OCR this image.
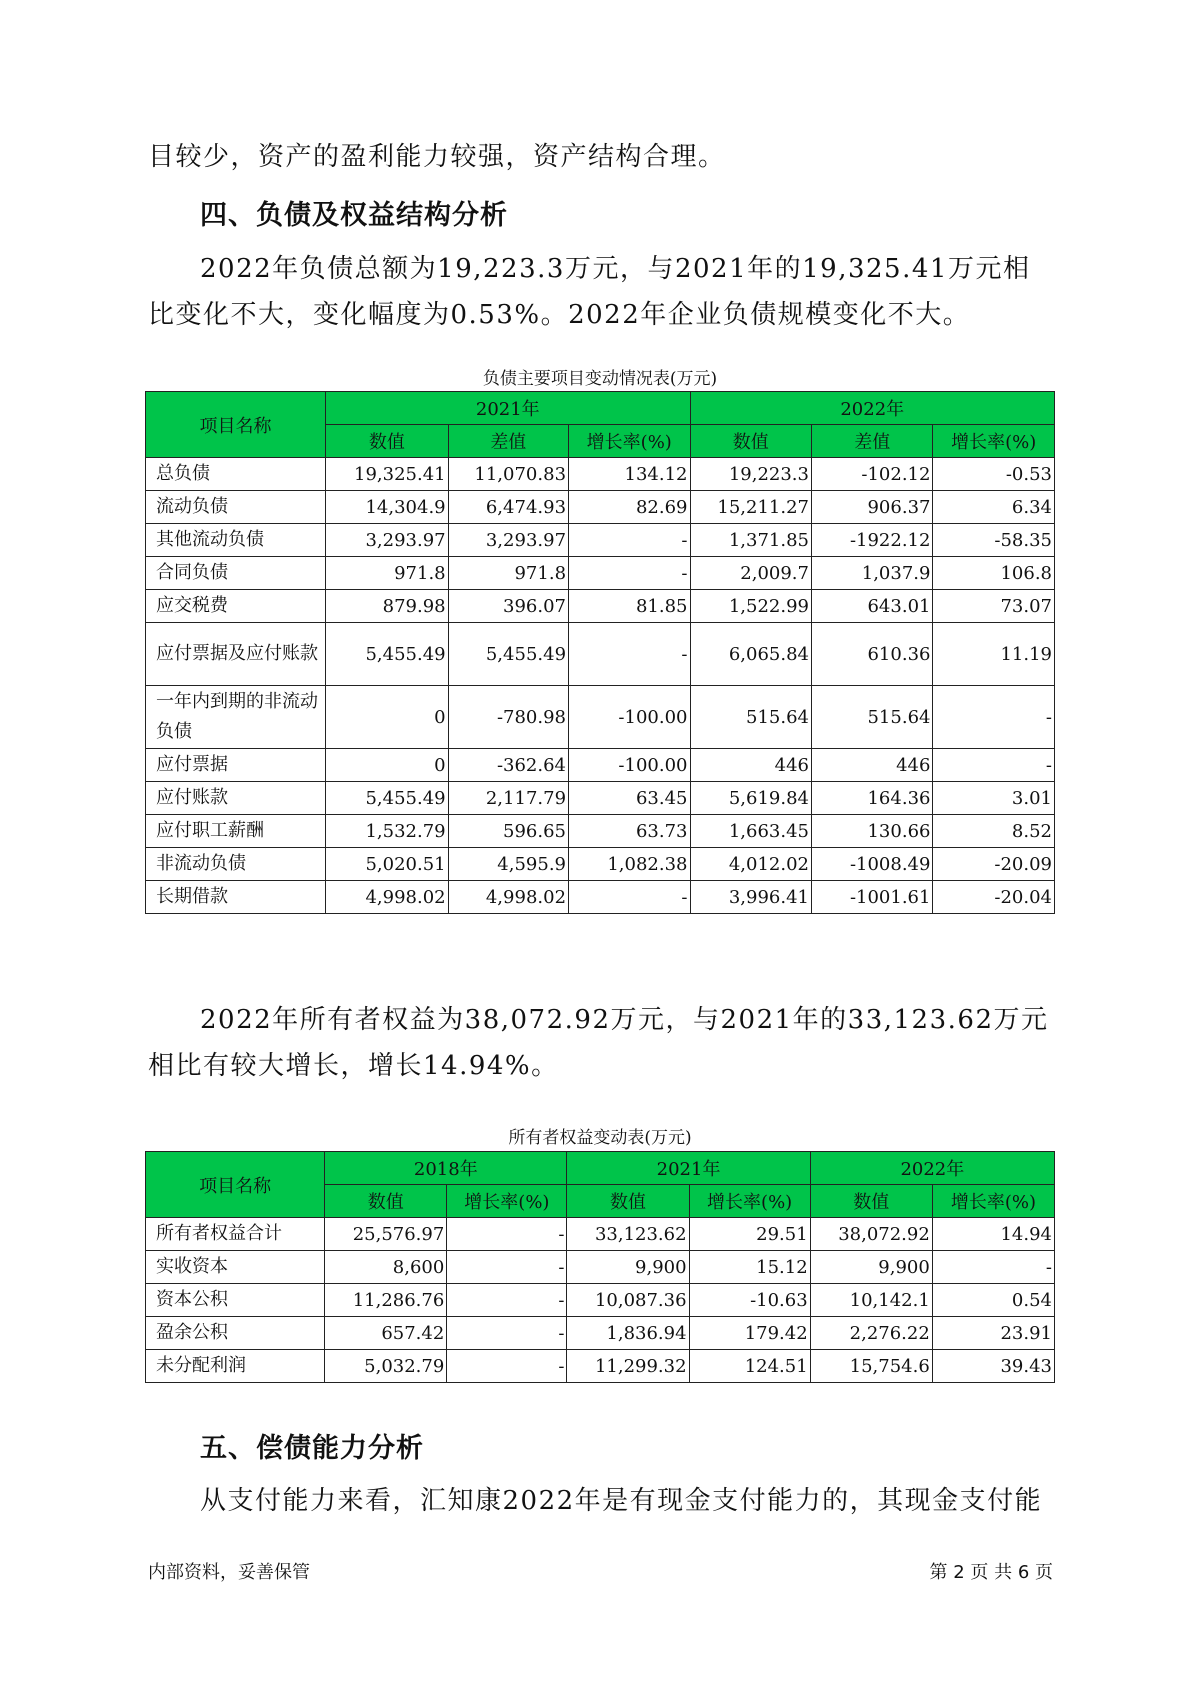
目较少，资产的盈利能力较强，资产结构合理。

四、负债及权益结构分析

2022年负债总额为19,223.3万元，与2021年的19,325.41万元相比变化不大，变化幅度为0.53%。2022年企业负债规模变化不大。

负债主要项目变动情况表(万元)

项目名称	2021年			2022年		
	数值	差值	增长率(%)	数值	差值	增长率(%)
总负债	19,325.41	11,070.83	134.12	19,223.3	-102.12	-0.53
流动负债	14,304.9	6,474.93	82.69	15,211.27	906.37	6.34
其他流动负债	3,293.97	3,293.97	-	1,371.85	-1922.12	-58.35
合同负债	971.8	971.8	-	2,009.7	1,037.9	106.8
应交税费	879.98	396.07	81.85	1,522.99	643.01	73.07
应付票据及应付账款	5,455.49	5,455.49	-	6,065.84	610.36	11.19
一年内到期的非流动负债	0	-780.98	-100.00	515.64	515.64	-
应付票据	0	-362.64	-100.00	446	446	-
应付账款	5,455.49	2,117.79	63.45	5,619.84	164.36	3.01
应付职工薪酬	1,532.79	596.65	63.73	1,663.45	130.66	8.52
非流动负债	5,020.51	4,595.9	1,082.38	4,012.02	-1008.49	-20.09
长期借款	4,998.02	4,998.02	-	3,996.41	-1001.61	-20.04

2022年所有者权益为38,072.92万元，与2021年的33,123.62万元相比有较大增长，增长14.94%。

所有者权益变动表(万元)

项目名称	2018年		2021年		2022年	
	数值	增长率(%)	数值	增长率(%)	数值	增长率(%)
所有者权益合计	25,576.97	-	33,123.62	29.51	38,072.92	14.94
实收资本	8,600	-	9,900	15.12	9,900	-
资本公积	11,286.76	-	10,087.36	-10.63	10,142.1	0.54
盈余公积	657.42	-	1,836.94	179.42	2,276.22	23.91
未分配利润	5,032.79	-	11,299.32	124.51	15,754.6	39.43
五、偿债能力分析

从支付能力来看，汇知康2022年是有现金支付能力的，其现金支付能

内部资料，妥善保管	第 2 页 共 6 页
